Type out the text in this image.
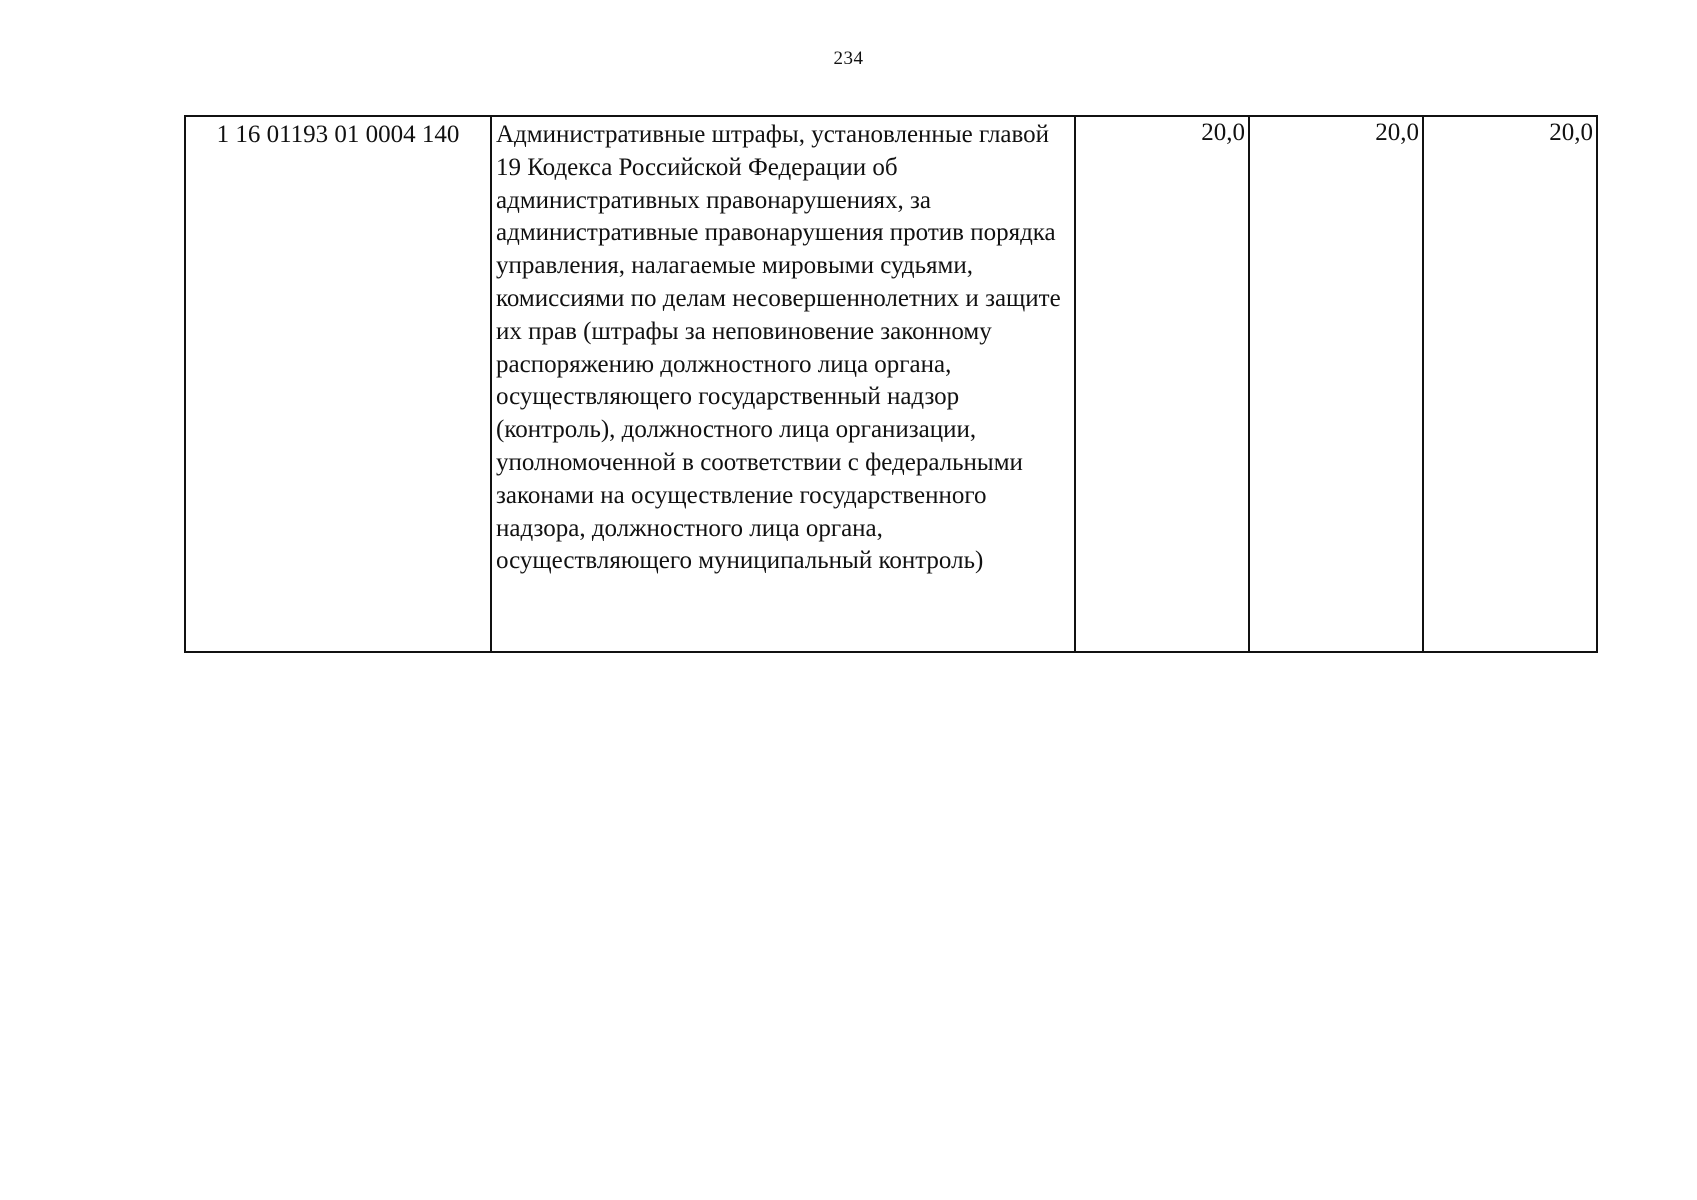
234
1 16 01193 01 0004 140	Административные штрафы, установленные главой 19 Кодекса Российской Федерации об административных правонарушениях, за административные правонарушения против порядка управления, налагаемые мировыми судьями, комиссиями по делам несовершеннолетних и защите их прав (штрафы за неповиновение законному распоряжению должностного лица органа, осуществляющего государственный надзор (контроль), должностного лица организации, уполномоченной в соответствии с федеральными законами на осуществление государственного надзора, должностного лица органа, осуществляющего муниципальный контроль)	20,0	20,0	20,0
